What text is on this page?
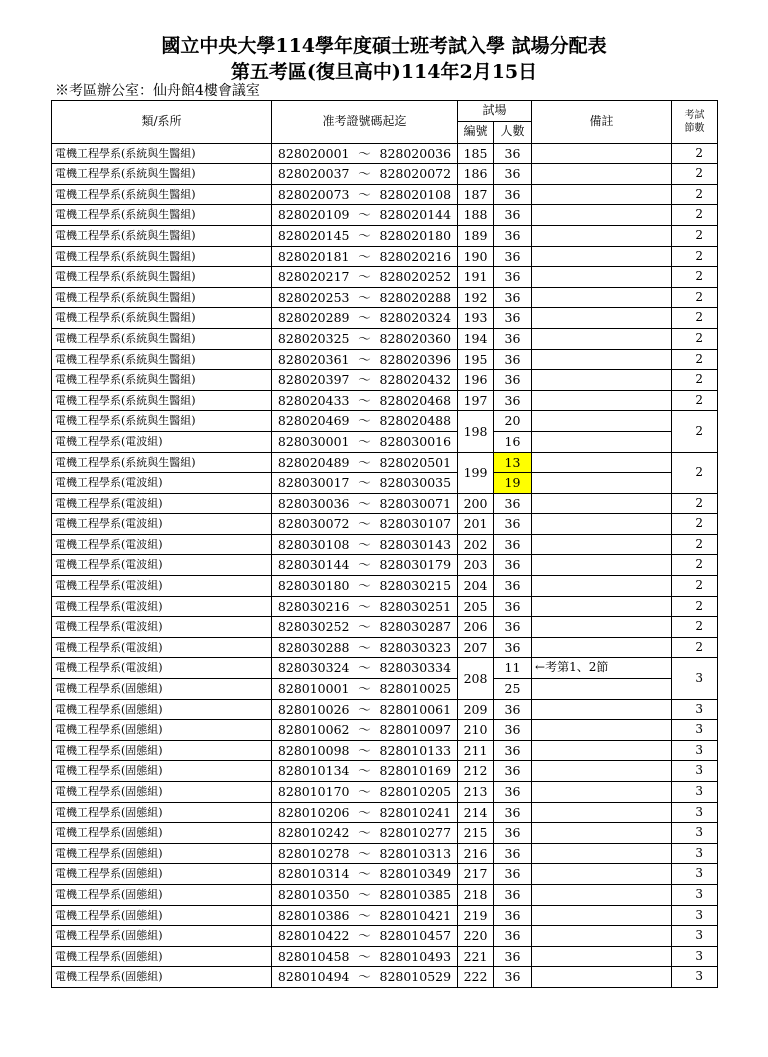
國立中央大學114學年度碩士班考試入學 試場分配表
第五考區(復旦高中)114年2月15日
※考區辦公室：仙舟館4樓會議室
類/系所	准考證號碼起迄	試場		備註	考試
節數

		編號	人數		
電機工程學系(系統與生醫組)	828020001 ～ 828020036	185	36		2
電機工程學系(系統與生醫組)	828020037 ～ 828020072	186	36		2
電機工程學系(系統與生醫組)	828020073 ～ 828020108	187	36		2
電機工程學系(系統與生醫組)	828020109 ～ 828020144	188	36		2
電機工程學系(系統與生醫組)	828020145 ～ 828020180	189	36		2
電機工程學系(系統與生醫組)	828020181 ～ 828020216	190	36		2
電機工程學系(系統與生醫組)	828020217 ～ 828020252	191	36		2
電機工程學系(系統與生醫組)	828020253 ～ 828020288	192	36		2
電機工程學系(系統與生醫組)	828020289 ～ 828020324	193	36		2
電機工程學系(系統與生醫組)	828020325 ～ 828020360	194	36		2
電機工程學系(系統與生醫組)	828020361 ～ 828020396	195	36		2
電機工程學系(系統與生醫組)	828020397 ～ 828020432	196	36		2
電機工程學系(系統與生醫組)	828020433 ～ 828020468	197	36		2
電機工程學系(系統與生醫組)	828020469 ～ 828020488	198	20		2
電機工程學系(電波組)	828030001 ～ 828030016		16		
電機工程學系(系統與生醫組)	828020489 ～ 828020501	199	13		2
電機工程學系(電波組)	828030017 ～ 828030035		19		
電機工程學系(電波組)	828030036 ～ 828030071	200	36		2
電機工程學系(電波組)	828030072 ～ 828030107	201	36		2
電機工程學系(電波組)	828030108 ～ 828030143	202	36		2
電機工程學系(電波組)	828030144 ～ 828030179	203	36		2
電機工程學系(電波組)	828030180 ～ 828030215	204	36		2
電機工程學系(電波組)	828030216 ～ 828030251	205	36		2
電機工程學系(電波組)	828030252 ～ 828030287	206	36		2
電機工程學系(電波組)	828030288 ～ 828030323	207	36		2
電機工程學系(電波組)	828030324 ～ 828030334	208	11	←考第1、2節	3
電機工程學系(固態組)	828010001 ～ 828010025		25		
電機工程學系(固態組)	828010026 ～ 828010061	209	36		3
電機工程學系(固態組)	828010062 ～ 828010097	210	36		3
電機工程學系(固態組)	828010098 ～ 828010133	211	36		3
電機工程學系(固態組)	828010134 ～ 828010169	212	36		3
電機工程學系(固態組)	828010170 ～ 828010205	213	36		3
電機工程學系(固態組)	828010206 ～ 828010241	214	36		3
電機工程學系(固態組)	828010242 ～ 828010277	215	36		3
電機工程學系(固態組)	828010278 ～ 828010313	216	36		3
電機工程學系(固態組)	828010314 ～ 828010349	217	36		3
電機工程學系(固態組)	828010350 ～ 828010385	218	36		3
電機工程學系(固態組)	828010386 ～ 828010421	219	36		3
電機工程學系(固態組)	828010422 ～ 828010457	220	36		3
電機工程學系(固態組)	828010458 ～ 828010493	221	36		3
電機工程學系(固態組)	828010494 ～ 828010529	222	36		3
